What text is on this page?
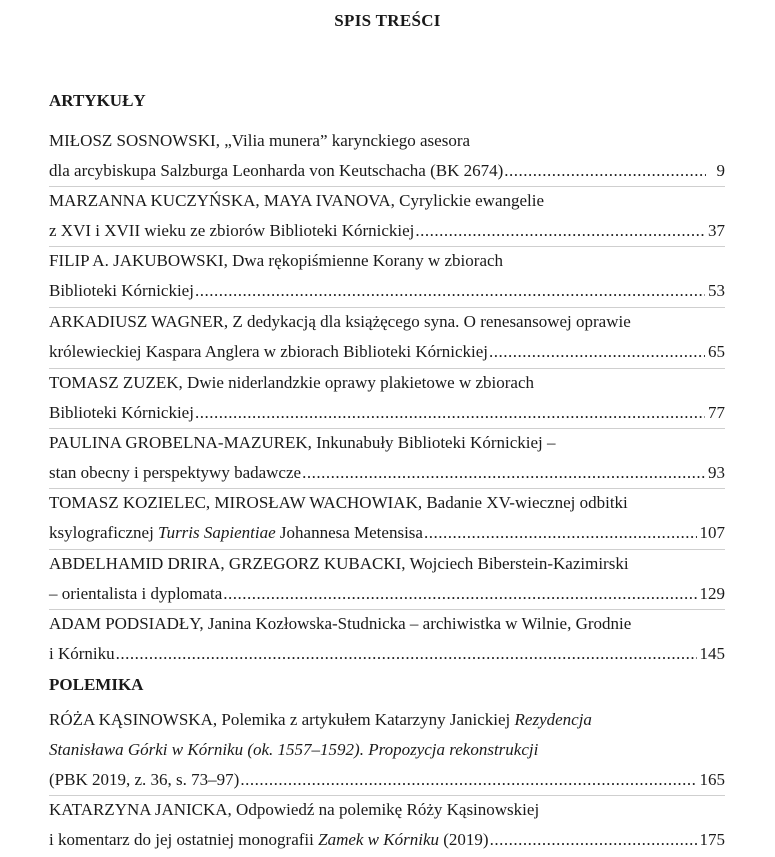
SPIS TREŚCI
ARTYKUŁY
MIŁOSZ SOSNOWSKI, „Vilia munera” karynckiego asesora
dla arcybiskupa Salzburga Leonharda von Keutschacha (BK 2674) .....	9
MARZANNA KUCZYŃSKA, MAYA IVANOVA, Cyrylickie ewangelie
z XVI i XVII wieku ze zbiorów Biblioteki Kórnickiej .....	37
FILIP A. JAKUBOWSKI, Dwa rękopiśmienne Korany w zbiorach
Biblioteki Kórnickiej .....	53
ARKADIUSZ WAGNER, Z dedykacją dla książęcego syna. O renesansowej oprawie
królewieckiej Kaspara Anglera w zbiorach Biblioteki Kórnickiej .....	65
TOMASZ ZUZEK, Dwie niderlandzkie oprawy plakietowe w zbiorach
Biblioteki Kórnickiej .....	77
PAULINA GROBELNA-MAZUREK, Inkunabuły Biblioteki Kórnickiej –
stan obecny i perspektywy badawcze .....	93
TOMASZ KOZIELEC, MIROSŁAW WACHOWIAK, Badanie XV-wiecznej odbitki
ksylograficznej Turris Sapientiae Johannesa Metensisa .....	107
ABDELHAMID DRIRA, GRZEGORZ KUBACKI, Wojciech Biberstein-Kazimirski
– orientalista i dyplomata .....	129
ADAM PODSIADŁY, Janina Kozłowska-Studnicka – archiwistka w Wilnie, Grodnie
i Kórniku .....	145
POLEMIKA
RÓŻA KĄSINOWSKA, Polemika z artykułem Katarzyny Janickiej Rezydencja
Stanisława Górki w Kórniku (ok. 1557–1592). Propozycja rekonstrukcji
(PBK 2019, z. 36, s. 73–97) .....	165
KATARZYNA JANICKA, Odpowiedź na polemikę Róży Kąsinowskiej
i komentarz do jej ostatniej monografii Zamek w Kórniku (2019) .....	175
